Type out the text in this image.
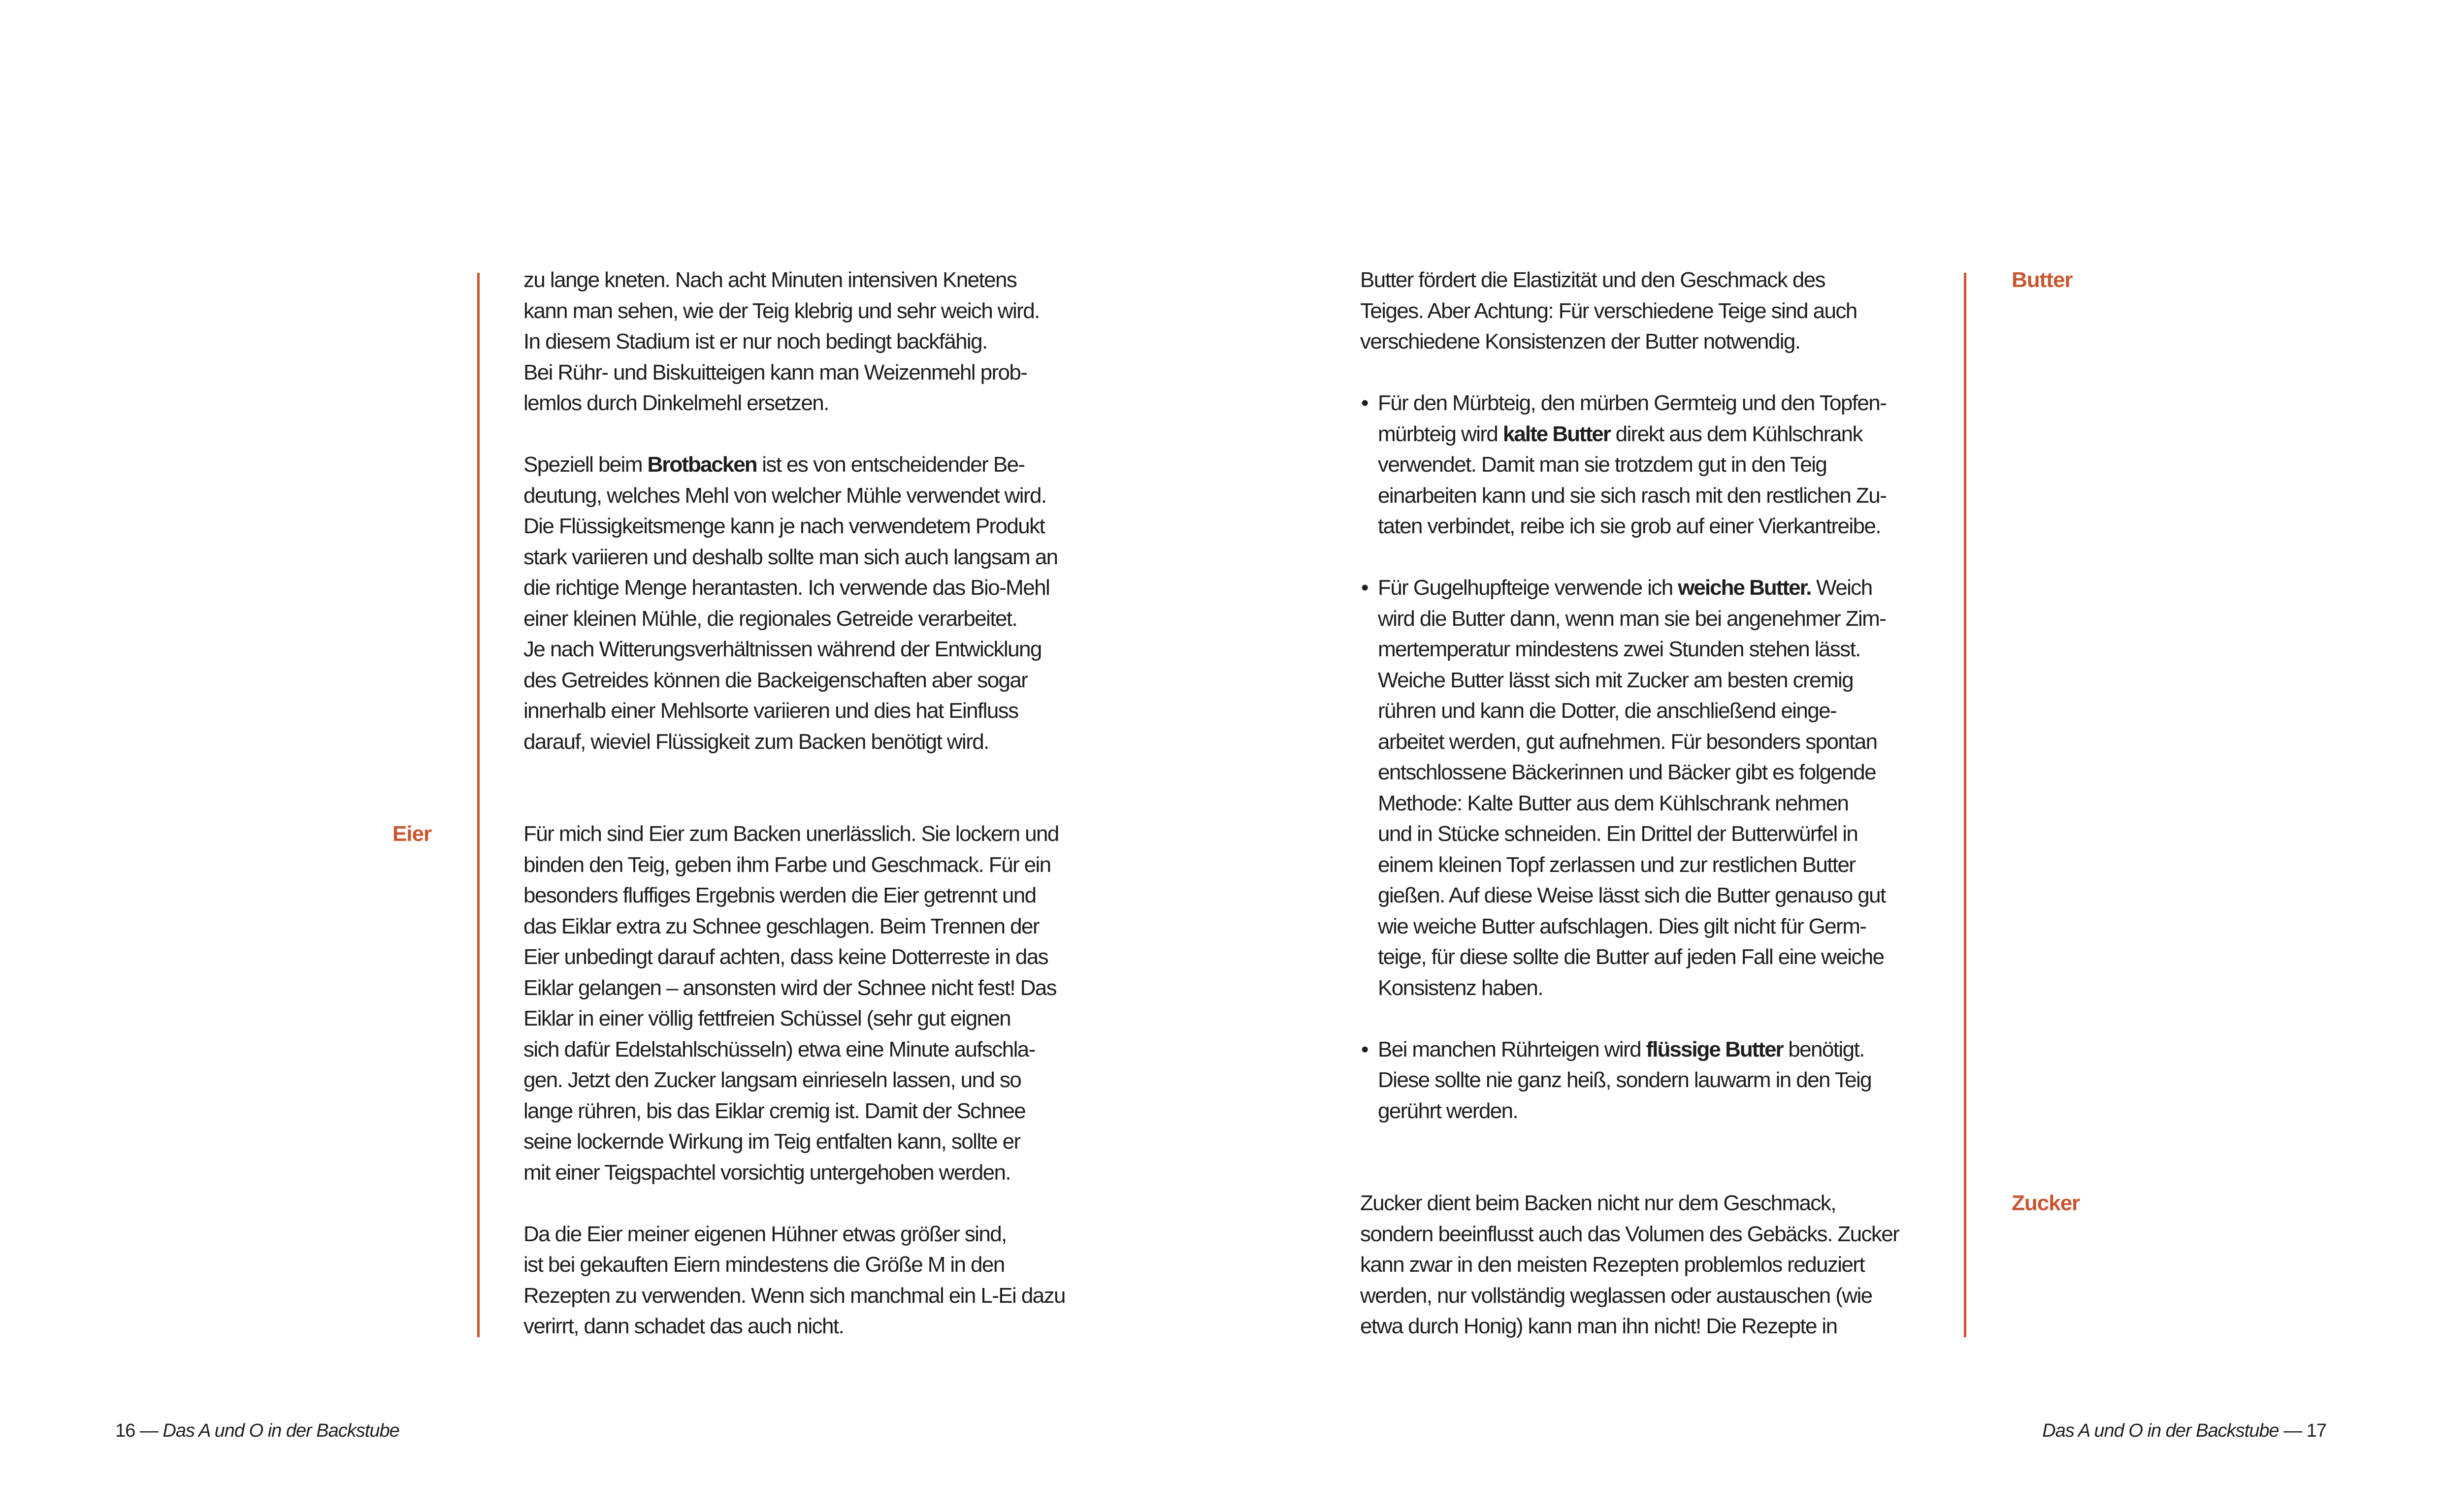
Eier
Butter
Zucker
zu lange kneten. Nach acht Minuten intensiven Knetens
kann man sehen, wie der Teig klebrig und sehr weich wird.
In diesem Stadium ist er nur noch bedingt backfähig.
Bei Rühr- und Biskuitteigen kann man Weizenmehl prob-
lemlos durch Dinkelmehl ersetzen.
Speziell beim Brotbacken ist es von entscheidender Be-
deutung, welches Mehl von welcher Mühle verwendet wird.
Die Flüssigkeitsmenge kann je nach verwendetem Produkt
stark variieren und deshalb sollte man sich auch langsam an
die richtige Menge herantasten. Ich verwende das Bio-Mehl
einer kleinen Mühle, die regionales Getreide verarbeitet.
Je nach Witterungsverhältnissen während der Entwicklung
des Getreides können die Backeigenschaften aber sogar
innerhalb einer Mehlsorte variieren und dies hat Einfluss
darauf, wieviel Flüssigkeit zum Backen benötigt wird.
Für mich sind Eier zum Backen unerlässlich. Sie lockern und
binden den Teig, geben ihm Farbe und Geschmack. Für ein
besonders fluffiges Ergebnis werden die Eier getrennt und
das Eiklar extra zu Schnee geschlagen. Beim Trennen der
Eier unbedingt darauf achten, dass keine Dotterreste in das
Eiklar gelangen – ansonsten wird der Schnee nicht fest! Das
Eiklar in einer völlig fettfreien Schüssel (sehr gut eignen
sich dafür Edelstahlschüsseln) etwa eine Minute aufschla-
gen. Jetzt den Zucker langsam einrieseln lassen, und so
lange rühren, bis das Eiklar cremig ist. Damit der Schnee
seine lockernde Wirkung im Teig entfalten kann, sollte er
mit einer Teigspachtel vorsichtig untergehoben werden.
Da die Eier meiner eigenen Hühner etwas größer sind,
ist bei gekauften Eiern mindestens die Größe M in den
Rezepten zu verwenden. Wenn sich manchmal ein L-Ei dazu
verirrt, dann schadet das auch nicht.
Butter fördert die Elastizität und den Geschmack des
Teiges. Aber Achtung: Für verschiedene Teige sind auch
verschiedene Konsistenzen der Butter notwendig.
• Für den Mürbteig, den mürben Germteig und den Topfen-
mürbteig wird kalte Butter direkt aus dem Kühlschrank
verwendet. Damit man sie trotzdem gut in den Teig
einarbeiten kann und sie sich rasch mit den restlichen Zu-
taten verbindet, reibe ich sie grob auf einer Vierkantreibe.
• Für Gugelhupfteige verwende ich weiche Butter. Weich
wird die Butter dann, wenn man sie bei angenehmer Zim-
mertemperatur mindestens zwei Stunden stehen lässt.
Weiche Butter lässt sich mit Zucker am besten cremig
rühren und kann die Dotter, die anschließend einge-
arbeitet werden, gut aufnehmen. Für besonders spontan
entschlossene Bäckerinnen und Bäcker gibt es folgende
Methode: Kalte Butter aus dem Kühlschrank nehmen
und in Stücke schneiden. Ein Drittel der Butterwürfel in
einem kleinen Topf zerlassen und zur restlichen Butter
gießen. Auf diese Weise lässt sich die Butter genauso gut
wie weiche Butter aufschlagen. Dies gilt nicht für Germ-
teige, für diese sollte die Butter auf jeden Fall eine weiche
Konsistenz haben.
• Bei manchen Rührteigen wird flüssige Butter benötigt.
Diese sollte nie ganz heiß, sondern lauwarm in den Teig
gerührt werden.
Zucker dient beim Backen nicht nur dem Geschmack,
sondern beeinflusst auch das Volumen des Gebäcks. Zucker
kann zwar in den meisten Rezepten problemlos reduziert
werden, nur vollständig weglassen oder austauschen (wie
etwa durch Honig) kann man ihn nicht! Die Rezepte in
16 — Das A und O in der Backstube	Das A und O in der Backstube — 17
